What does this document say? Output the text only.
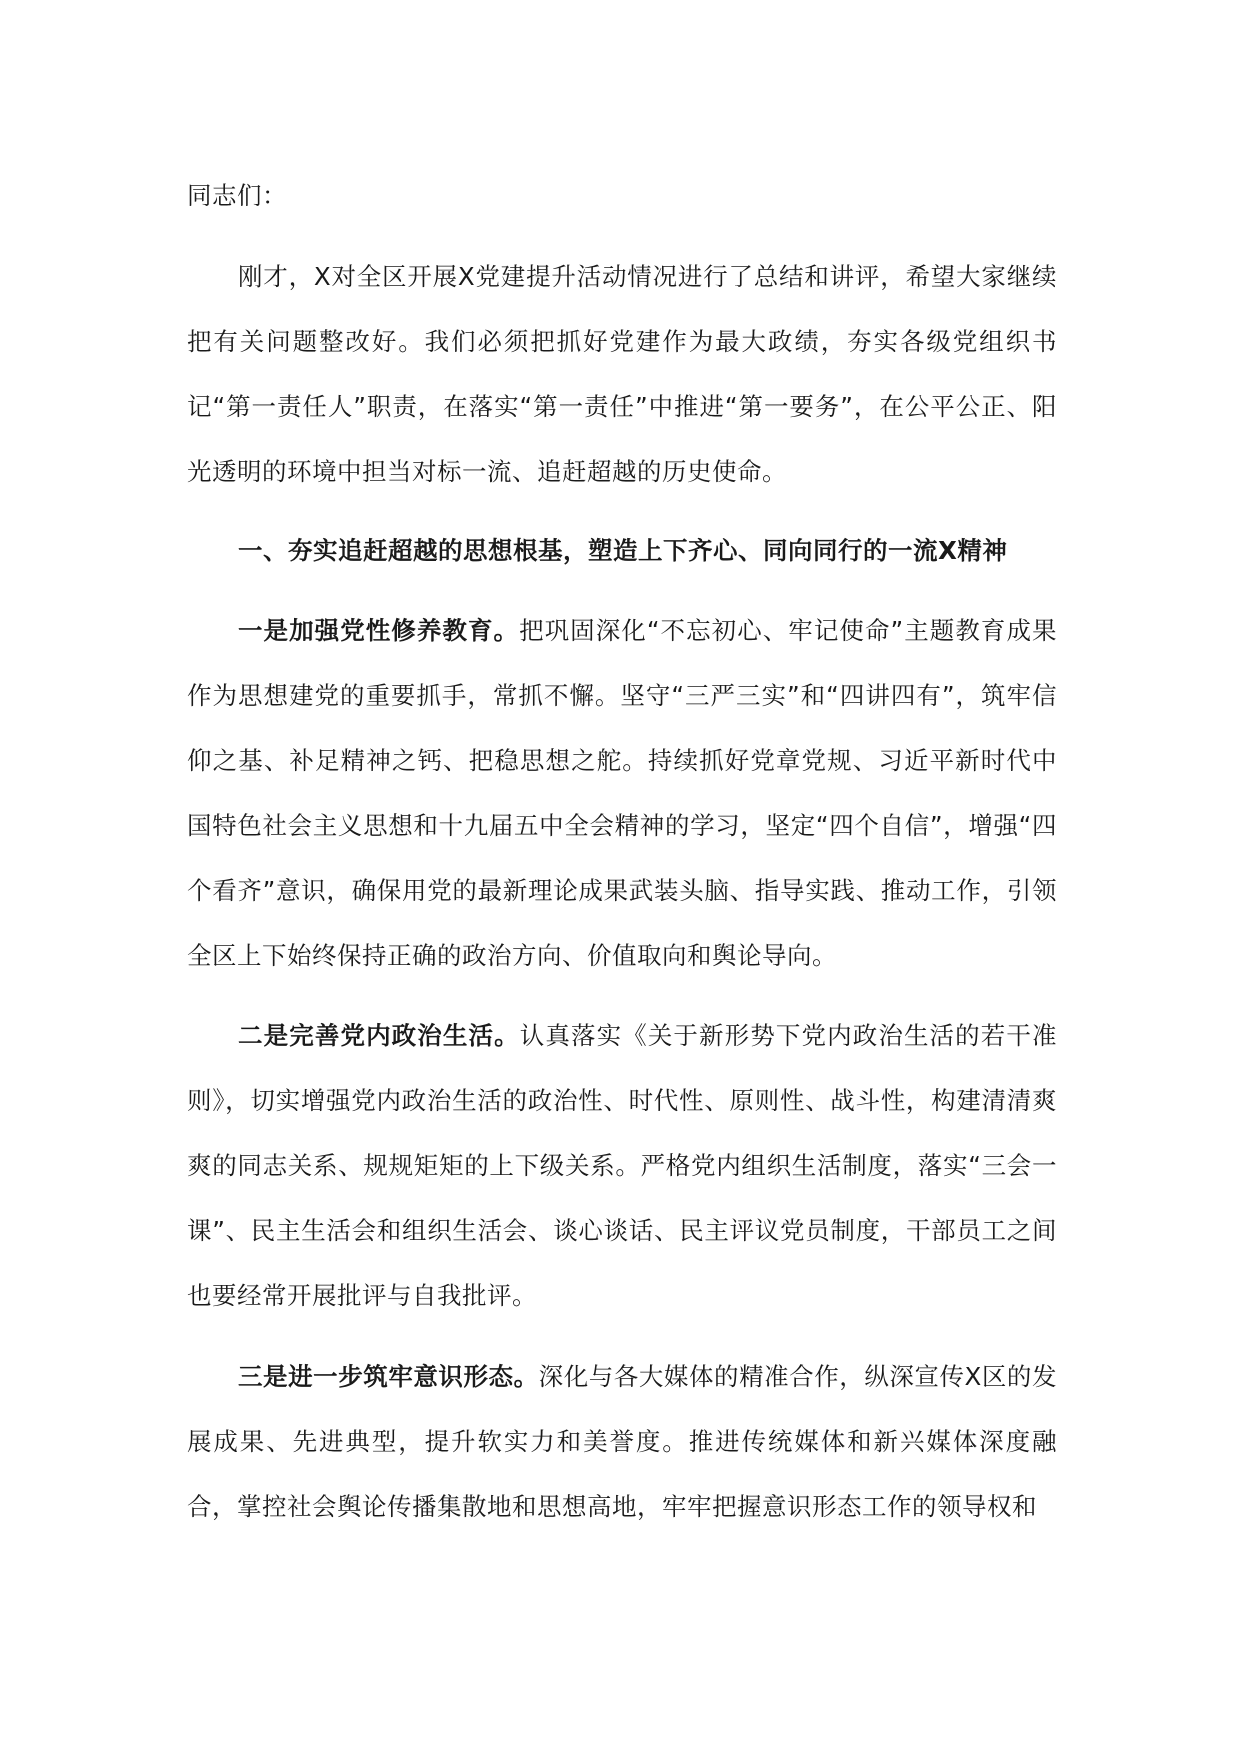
同志们：

刚才，X对全区开展X党建提升活动情况进行了总结和讲评，希望大家继续把有关问题整改好。我们必须把抓好党建作为最大政绩，夯实各级党组织书记“第一责任人”职责，在落实“第一责任”中推进“第一要务”，在公平公正、阳光透明的环境中担当对标一流、追赶超越的历史使命。

一、夯实追赶超越的思想根基，塑造上下齐心、同向同行的一流X精神

一是加强党性修养教育。把巩固深化“不忘初心、牢记使命”主题教育成果作为思想建党的重要抓手，常抓不懈。坚守“三严三实”和“四讲四有”，筑牢信仰之基、补足精神之钙、把稳思想之舵。持续抓好党章党规、习近平新时代中国特色社会主义思想和十九届五中全会精神的学习，坚定“四个自信”，增强“四个看齐”意识，确保用党的最新理论成果武装头脑、指导实践、推动工作，引领全区上下始终保持正确的政治方向、价值取向和舆论导向。

二是完善党内政治生活。认真落实《关于新形势下党内政治生活的若干准则》，切实增强党内政治生活的政治性、时代性、原则性、战斗性，构建清清爽爽的同志关系、规规矩矩的上下级关系。严格党内组织生活制度，落实“三会一课”、民主生活会和组织生活会、谈心谈话、民主评议党员制度，干部员工之间也要经常开展批评与自我批评。

三是进一步筑牢意识形态。深化与各大媒体的精准合作，纵深宣传X区的发展成果、先进典型，提升软实力和美誉度。推进传统媒体和新兴媒体深度融合，掌控社会舆论传播集散地和思想高地，牢牢把握意识形态工作的领导权和
